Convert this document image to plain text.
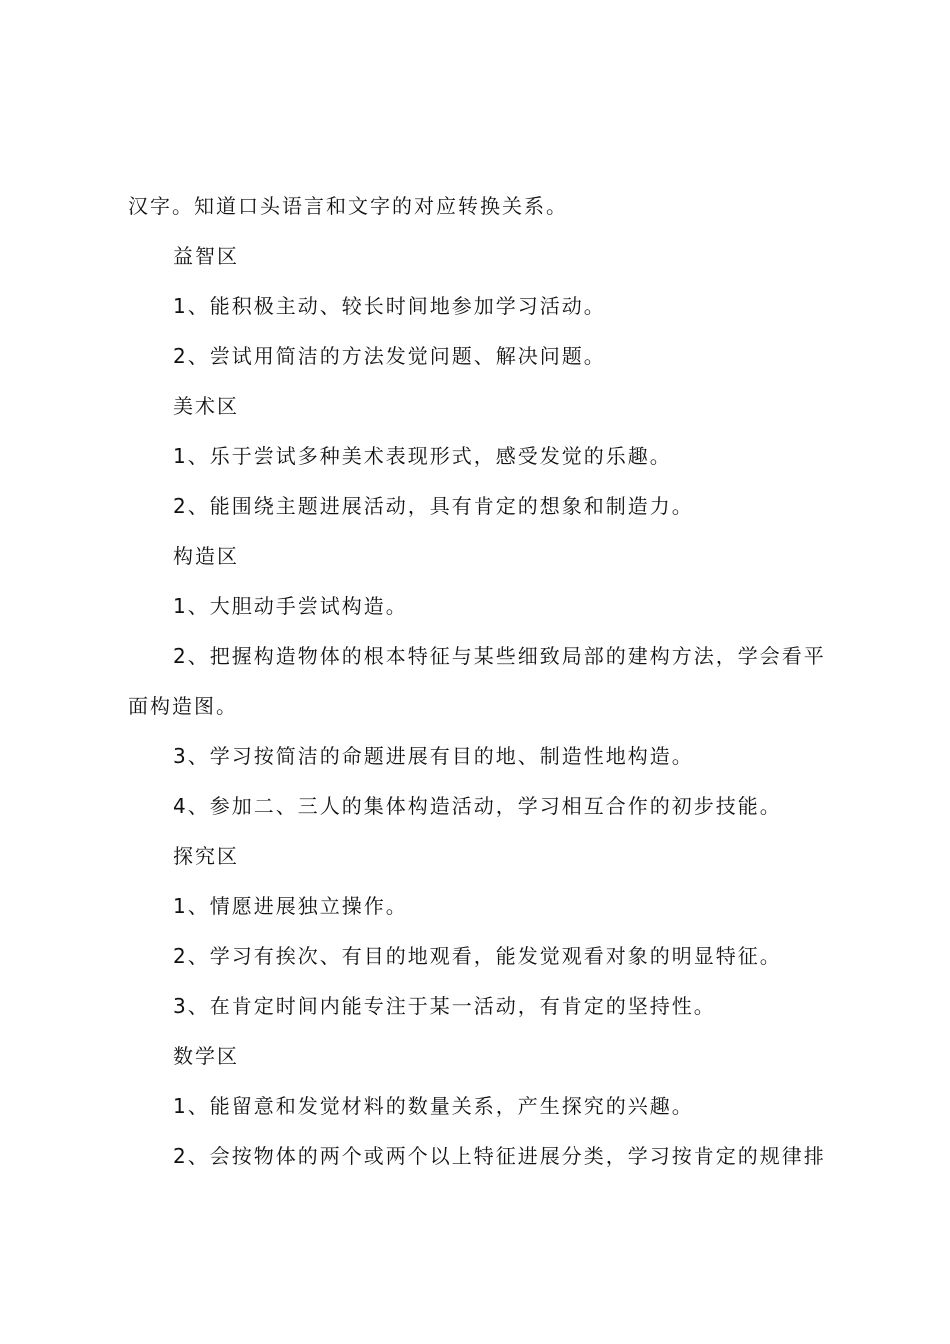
汉字。知道口头语言和文字的对应转换关系。
益智区
1、能积极主动、较长时间地参加学习活动。
2、尝试用简洁的方法发觉问题、解决问题。
美术区
1、乐于尝试多种美术表现形式，感受发觉的乐趣。
2、能围绕主题进展活动，具有肯定的想象和制造力。
构造区
1、大胆动手尝试构造。
2、把握构造物体的根本特征与某些细致局部的建构方法，学会看平
面构造图。
3、学习按简洁的命题进展有目的地、制造性地构造。
4、参加二、三人的集体构造活动，学习相互合作的初步技能。
探究区
1、情愿进展独立操作。
2、学习有挨次、有目的地观看，能发觉观看对象的明显特征。
3、在肯定时间内能专注于某一活动，有肯定的坚持性。
数学区
1、能留意和发觉材料的数量关系，产生探究的兴趣。
2、会按物体的两个或两个以上特征进展分类，学习按肯定的规律排
